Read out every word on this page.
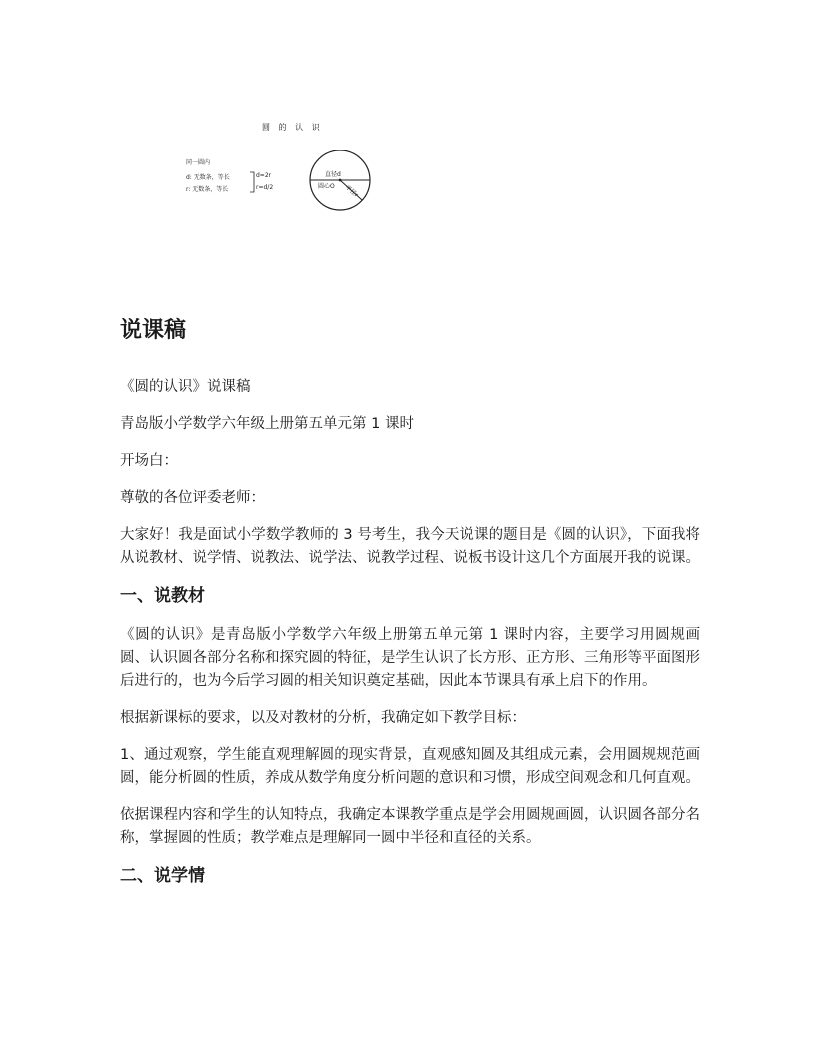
圆 的 认 识
同一圆内
d: 无数条，等长
r: 无数条，等长
d=2r
r=d/2
直径d
圆心O 半径r
说课稿

《圆的认识》说课稿

青岛版小学数学六年级上册第五单元第 1 课时

开场白：

尊敬的各位评委老师：

大家好！我是面试小学数学教师的 3 号考生，我今天说课的题目是《圆的认识》，下面我将从说教材、说学情、说教法、说学法、说教学过程、说板书设计这几个方面展开我的说课。

一、说教材

《圆的认识》是青岛版小学数学六年级上册第五单元第 1 课时内容，主要学习用圆规画圆、认识圆各部分名称和探究圆的特征，是学生认识了长方形、正方形、三角形等平面图形后进行的，也为今后学习圆的相关知识奠定基础，因此本节课具有承上启下的作用。

根据新课标的要求，以及对教材的分析，我确定如下教学目标：

1、通过观察，学生能直观理解圆的现实背景，直观感知圆及其组成元素，会用圆规规范画圆，能分析圆的性质，养成从数学角度分析问题的意识和习惯，形成空间观念和几何直观。

依据课程内容和学生的认知特点，我确定本课教学重点是学会用圆规画圆，认识圆各部分名称，掌握圆的性质；教学难点是理解同一圆中半径和直径的关系。

二、说学情
